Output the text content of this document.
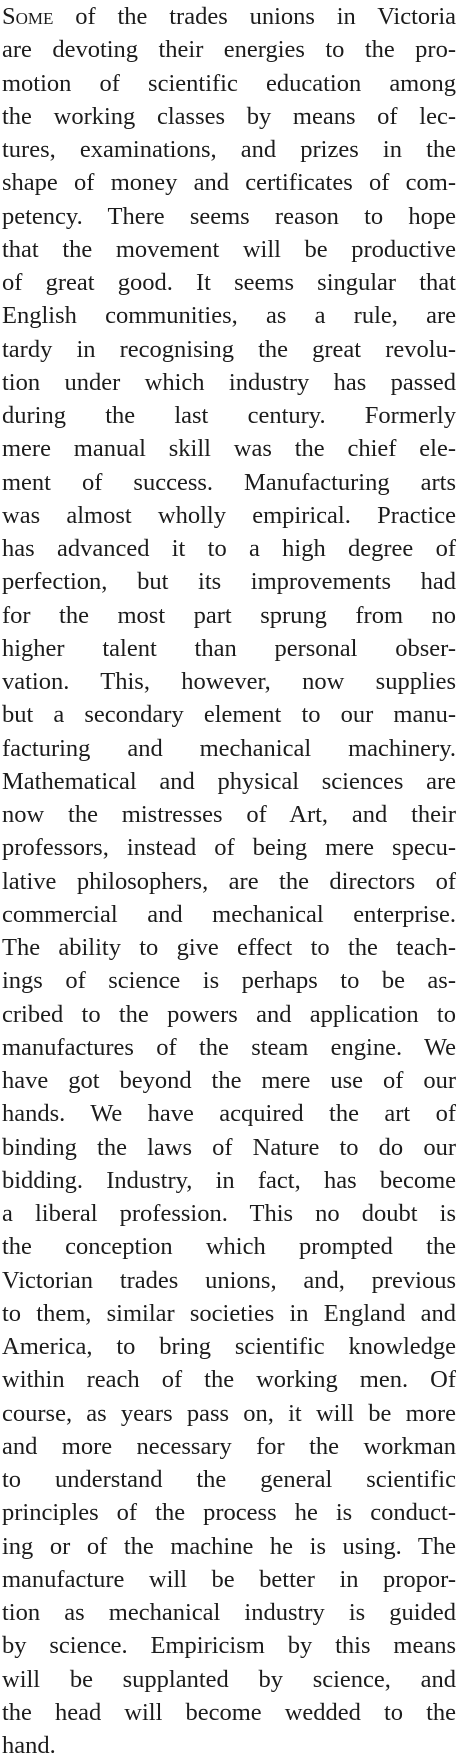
Some of the trades unions in Victoria
are devoting their energies to the pro-
motion of scientific education among
the working classes by means of lec-
tures, examinations, and prizes in the
shape of money and certificates of com-
petency. There seems reason to hope
that the movement will be productive
of great good. It seems singular that
English communities, as a rule, are
tardy in recognising the great revolu-
tion under which industry has passed
during the last century. Formerly
mere manual skill was the chief ele-
ment of success. Manufacturing arts
was almost wholly empirical. Practice
has advanced it to a high degree of
perfection, but its improvements had
for the most part sprung from no
higher talent than personal obser-
vation. This, however, now supplies
but a secondary element to our manu-
facturing and mechanical machinery.
Mathematical and physical sciences are
now the mistresses of Art, and their
professors, instead of being mere specu-
lative philosophers, are the directors of
commercial and mechanical enterprise.
The ability to give effect to the teach-
ings of science is perhaps to be as-
cribed to the powers and application to
manufactures of the steam engine. We
have got beyond the mere use of our
hands. We have acquired the art of
binding the laws of Nature to do our
bidding. Industry, in fact, has become
a liberal profession. This no doubt is
the conception which prompted the
Victorian trades unions, and, previous
to them, similar societies in England and
America, to bring scientific knowledge
within reach of the working men. Of
course, as years pass on, it will be more
and more necessary for the workman
to understand the general scientific
principles of the process he is conduct-
ing or of the machine he is using. The
manufacture will be better in propor-
tion as mechanical industry is guided
by science. Empiricism by this means
will be supplanted by science, and
the head will become wedded to the
hand.
